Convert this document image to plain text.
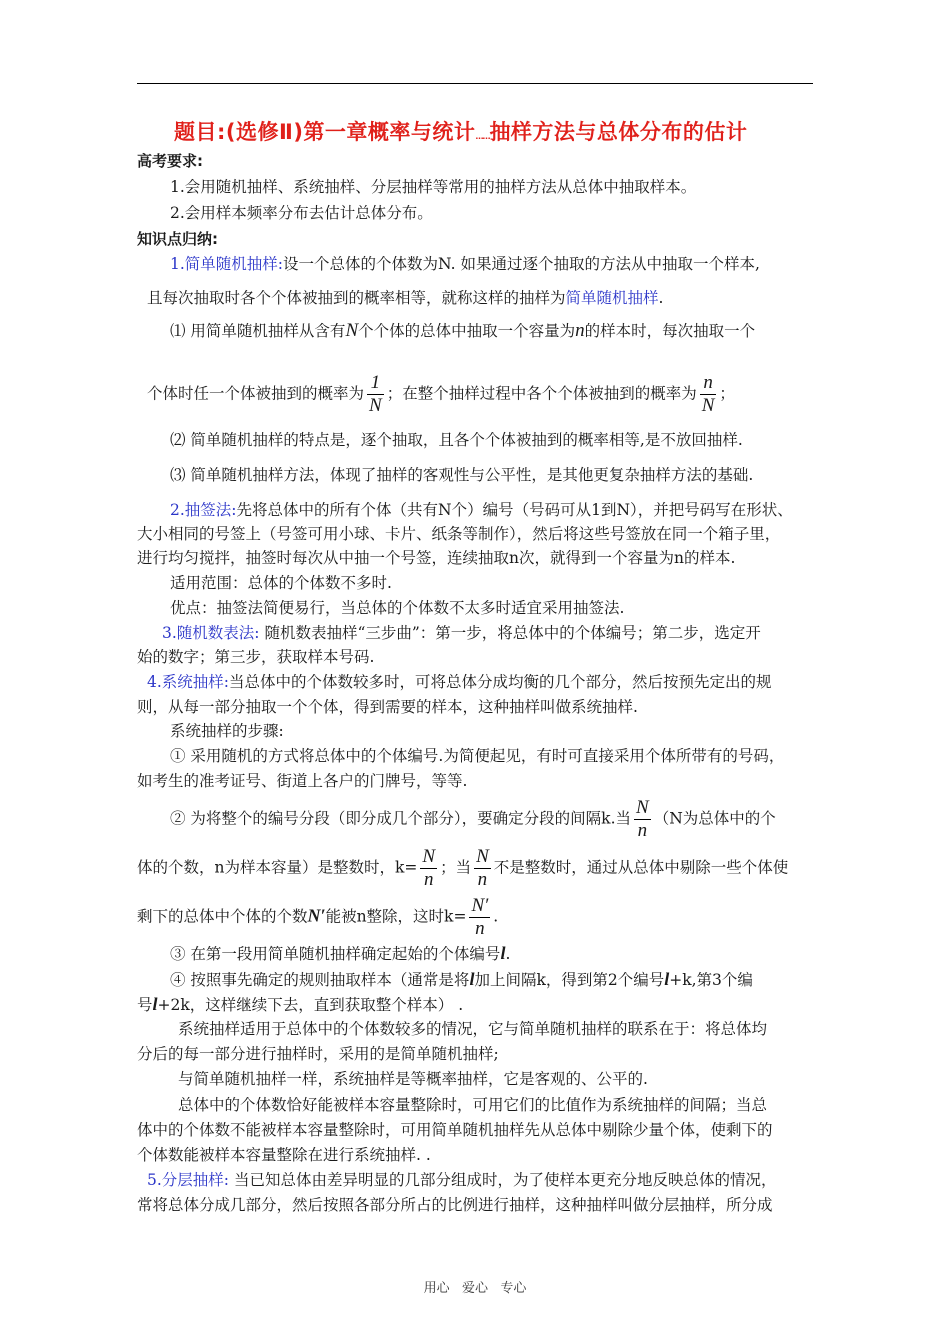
题目:(选修Ⅱ)第一章概率与统计……抽样方法与总体分布的估计
高考要求:
1.会用随机抽样、系统抽样、分层抽样等常用的抽样方法从总体中抽取样本。
2.会用样本频率分布去估计总体分布。
知识点归纳:
1.简单随机抽样:设一个总体的个体数为N. 如果通过逐个抽取的方法从中抽取一个样本,
且每次抽取时各个个体被抽到的概率相等，就称这样的抽样为简单随机抽样.
⑴ 用简单随机抽样从含有N个个体的总体中抽取一个容量为n的样本时，每次抽取一个
个体时任一个体被抽到的概率为 $\frac{1}{N}$ ；在整个抽样过程中各个个体被抽到的概率为 $\frac{n}{N}$ ；
⑵ 简单随机抽样的特点是，逐个抽取，且各个个体被抽到的概率相等,是不放回抽样.
⑶ 简单随机抽样方法，体现了抽样的客观性与公平性，是其他更复杂抽样方法的基础.
2.抽签法:先将总体中的所有个体（共有N个）编号（号码可从1到N），并把号码写在形状、
大小相同的号签上（号签可用小球、卡片、纸条等制作），然后将这些号签放在同一个箱子里，
进行均匀搅拌，抽签时每次从中抽一个号签，连续抽取n次，就得到一个容量为n的样本.
适用范围：总体的个体数不多时.
优点：抽签法简便易行，当总体的个体数不太多时适宜采用抽签法.
3.随机数表法: 随机数表抽样“三步曲”：第一步，将总体中的个体编号；第二步，选定开
始的数字；第三步，获取样本号码.
4.系统抽样:当总体中的个体数较多时，可将总体分成均衡的几个部分，然后按预先定出的规
则，从每一部分抽取一个个体，得到需要的样本，这种抽样叫做系统抽样.
系统抽样的步骤:
① 采用随机的方式将总体中的个体编号.为简便起见，有时可直接采用个体所带有的号码，
如考生的准考证号、街道上各户的门牌号，等等.
② 为将整个的编号分段（即分成几个部分），要确定分段的间隔k.当 $\frac{N}{n} (N$为总体中的个
体的个数，n为样本容量）是整数时，$k= \frac{N}{n}$ ；当 $\frac{N}{n}$ 不是整数时，通过从总体中剔除一些个体使
剩下的总体中个体的个数N′能被n整除，这时$k= \frac{N'}{n}$ .
③ 在第一段用简单随机抽样确定起始的个体编号l.
④ 按照事先确定的规则抽取样本（通常是将l加上间隔k，得到第2个编号l+k,第3个编
号l+2k，这样继续下去，直到获取整个样本） .
系统抽样适用于总体中的个体数较多的情况，它与简单随机抽样的联系在于：将总体均
分后的每一部分进行抽样时，采用的是简单随机抽样;
与简单随机抽样一样，系统抽样是等概率抽样，它是客观的、公平的.
总体中的个体数恰好能被样本容量整除时，可用它们的比值作为系统抽样的间隔；当总
体中的个体数不能被样本容量整除时，可用简单随机抽样先从总体中剔除少量个体，使剩下的
个体数能被样本容量整除在进行系统抽样. .
5.分层抽样: 当已知总体由差异明显的几部分组成时，为了使样本更充分地反映总体的情况，
常将总体分成几部分，然后按照各部分所占的比例进行抽样，这种抽样叫做分层抽样，所分成
用心   爱心   专心
